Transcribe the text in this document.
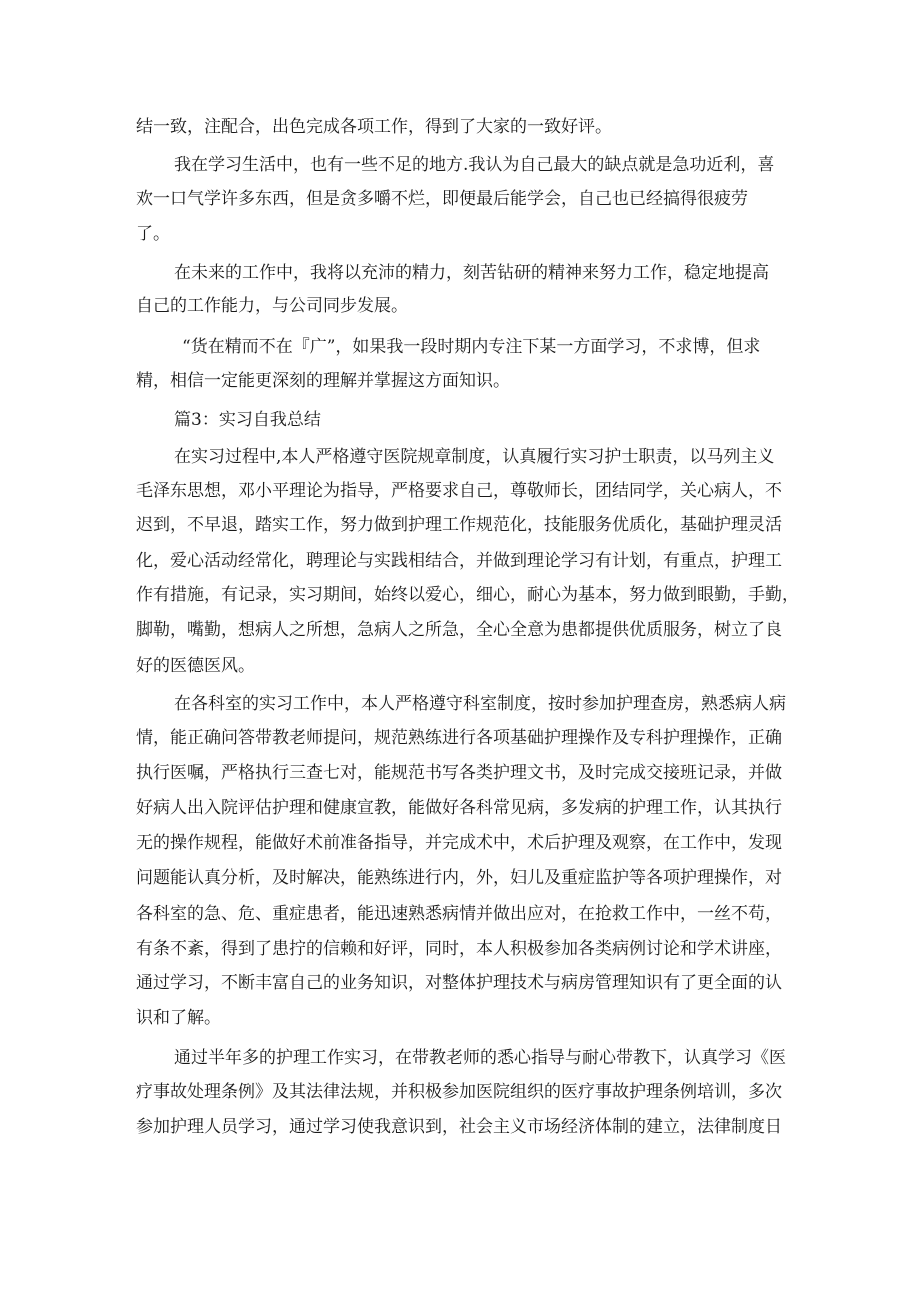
结一致，注配合，出色完成各项工作，得到了大家的一致好评。
我在学习生活中，也有一些不足的地方.我认为自己最大的缺点就是急功近利，喜
欢一口气学许多东西，但是贪多嚼不烂，即便最后能学会，自己也已经搞得很疲劳
了。
在未来的工作中，我将以充沛的精力，刻苦钻研的精神来努力工作，稳定地提高
自己的工作能力，与公司同步发展。
“货在精而不在『广”，如果我一段时期内专注下某一方面学习，不求博，但求
精，相信一定能更深刻的理解并掌握这方面知识。
篇3：实习自我总结
在实习过程中,本人严格遵守医院规章制度，认真履行实习护士职责，以马列主义
毛泽东思想，邓小平理论为指导，严格要求自己，尊敬师长，团结同学，关心病人，不
迟到，不早退，踏实工作，努力做到护理工作规范化，技能服务优质化，基础护理灵活
化，爱心活动经常化，聘理论与实践相结合，并做到理论学习有计划，有重点，护理工
作有措施，有记录，实习期间，始终以爱心，细心，耐心为基本，努力做到眼勤，手勤，
脚勒，嘴勤，想病人之所想，急病人之所急，全心全意为患都提供优质服务，树立了良
好的医德医风。
在各科室的实习工作中，本人严格遵守科室制度，按时参加护理查房，熟悉病人病
情，能正确问答带教老师提问，规范熟练进行各项基础护理操作及专科护理操作，正确
执行医嘱，严格执行三查七对，能规范书写各类护理文书，及时完成交接班记录，并做
好病人出入院评估护理和健康宣教，能做好各科常见病，多发病的护理工作，认其执行
无的操作规程，能做好术前准备指导，并完成术中，术后护理及观察，在工作中，发现
问题能认真分析，及时解决，能熟练进行内，外，妇儿及重症监护等各项护理操作，对
各科室的急、危、重症患者，能迅速熟悉病情并做出应对，在抢救工作中，一丝不苟，
有条不紊，得到了患拧的信赖和好评，同时，本人积极参加各类病例讨论和学术讲座，
通过学习，不断丰富自己的业务知识，对整体护理技术与病房管理知识有了更全面的认
识和了解。
通过半年多的护理工作实习，在带教老师的悉心指导与耐心带教下，认真学习《医
疗事故处理条例》及其法律法规，并积极参加医院组织的医疗事故护理条例培训，多次
参加护理人员学习，通过学习使我意识到，社会主义市场经济体制的建立，法律制度日
